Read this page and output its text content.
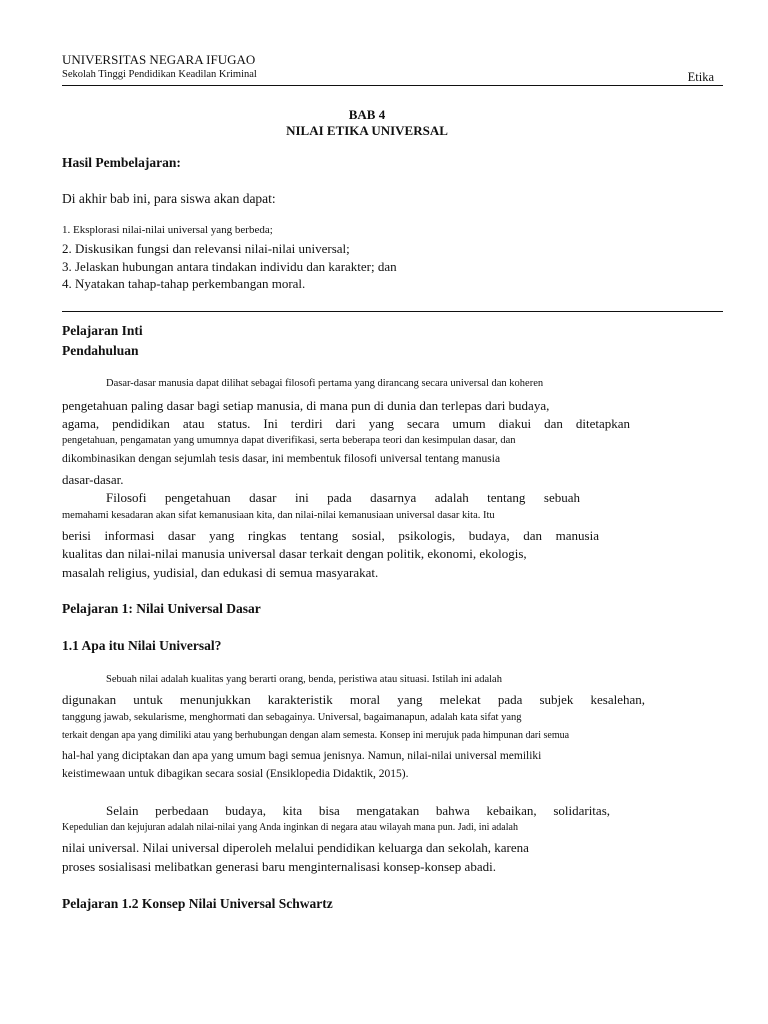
UNIVERSITAS NEGARA IFUGAO
Sekolah Tinggi Pendidikan Keadilan Kriminal	Etika
BAB 4
NILAI ETIKA UNIVERSAL
Hasil Pembelajaran:
Di akhir bab ini, para siswa akan dapat:
1. Eksplorasi nilai-nilai universal yang berbeda;
2. Diskusikan fungsi dan relevansi nilai-nilai universal;
3. Jelaskan hubungan antara tindakan individu dan karakter; dan
4. Nyatakan tahap-tahap perkembangan moral.
Pelajaran Inti
Pendahuluan
Dasar-dasar manusia dapat dilihat sebagai filosofi pertama yang dirancang secara universal dan koheren
pengetahuan paling dasar bagi setiap manusia, di mana pun di dunia dan terlepas dari budaya,
agama, pendidikan atau status. Ini terdiri dari yang secara umum diakui dan ditetapkan
pengetahuan, pengamatan yang umumnya dapat diverifikasi, serta beberapa teori dan kesimpulan dasar, dan
dikombinasikan dengan sejumlah tesis dasar, ini membentuk filosofi universal tentang manusia
dasar-dasar.
Filosofi pengetahuan dasar ini pada dasarnya adalah tentang sebuah
memahami kesadaran akan sifat kemanusiaan kita, dan nilai-nilai kemanusiaan universal dasar kita. Itu
berisi informasi dasar yang ringkas tentang sosial, psikologis, budaya, dan manusia
kualitas dan nilai-nilai manusia universal dasar terkait dengan politik, ekonomi, ekologis,
masalah religius, yudisial, dan edukasi di semua masyarakat.
Pelajaran 1: Nilai Universal Dasar
1.1 Apa itu Nilai Universal?
Sebuah nilai adalah kualitas yang berarti orang, benda, peristiwa atau situasi. Istilah ini adalah
digunakan untuk menunjukkan karakteristik moral yang melekat pada subjek kesalehan,
tanggung jawab, sekularisme, menghormati dan sebagainya. Universal, bagaimanapun, adalah kata sifat yang
terkait dengan apa yang dimiliki atau yang berhubungan dengan alam semesta. Konsep ini merujuk pada himpunan dari semua
hal-hal yang diciptakan dan apa yang umum bagi semua jenisnya. Namun, nilai-nilai universal memiliki
keistimewaan untuk dibagikan secara sosial (Ensiklopedia Didaktik, 2015).
Selain perbedaan budaya, kita bisa mengatakan bahwa kebaikan, solidaritas,
Kepedulian dan kejujuran adalah nilai-nilai yang Anda inginkan di negara atau wilayah mana pun. Jadi, ini adalah
nilai universal. Nilai universal diperoleh melalui pendidikan keluarga dan sekolah, karena
proses sosialisasi melibatkan generasi baru menginternalisasi konsep-konsep abadi.
Pelajaran 1.2 Konsep Nilai Universal Schwartz
